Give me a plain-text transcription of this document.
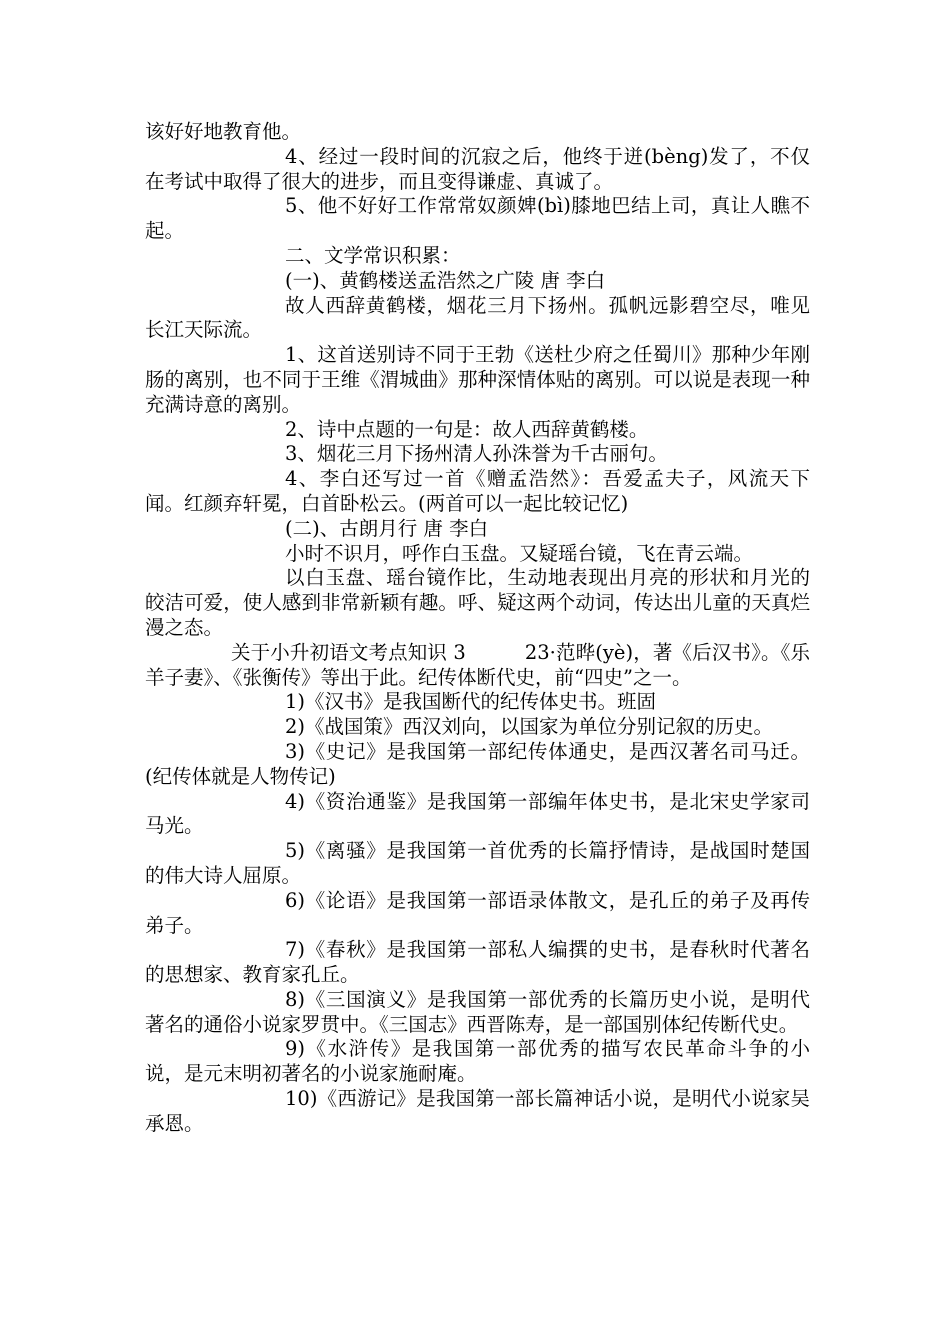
该好好地教育他。

4、经过一段时间的沉寂之后，他终于迸(bèng)发了，不仅在考试中取得了很大的进步，而且变得谦虚、真诚了。

5、他不好好工作常常奴颜婢(bì)膝地巴结上司，真让人瞧不起。

二、文学常识积累：

(一)、黄鹤楼送孟浩然之广陵 唐 李白

故人西辞黄鹤楼，烟花三月下扬州。孤帆远影碧空尽，唯见长江天际流。

1、这首送别诗不同于王勃《送杜少府之任蜀川》那种少年刚肠的离别，也不同于王维《渭城曲》那种深情体贴的离别。可以说是表现一种充满诗意的离别。

2、诗中点题的一句是：故人西辞黄鹤楼。

3、烟花三月下扬州清人孙洙誉为千古丽句。

4、李白还写过一首《赠孟浩然》：吾爱孟夫子，风流天下闻。红颜弃轩冕，白首卧松云。(两首可以一起比较记忆)

(二)、古朗月行 唐 李白

小时不识月，呼作白玉盘。又疑瑶台镜，飞在青云端。

以白玉盘、瑶台镜作比，生动地表现出月亮的形状和月光的皎洁可爱，使人感到非常新颖有趣。呼、疑这两个动词，传达出儿童的天真烂漫之态。

关于小升初语文考点知识 3　　　23·范晔(yè)，著《后汉书》。《乐羊子妻》、《张衡传》等出于此。纪传体断代史，前“四史”之一。

1)《汉书》是我国断代的纪传体史书。班固

2)《战国策》西汉刘向，以国家为单位分别记叙的历史。

3)《史记》是我国第一部纪传体通史，是西汉著名司马迁。(纪传体就是人物传记)

4)《资治通鉴》是我国第一部编年体史书，是北宋史学家司马光。

5)《离骚》是我国第一首优秀的长篇抒情诗，是战国时楚国的伟大诗人屈原。

6)《论语》是我国第一部语录体散文，是孔丘的弟子及再传弟子。

7)《春秋》是我国第一部私人编撰的史书，是春秋时代著名的思想家、教育家孔丘。

8)《三国演义》是我国第一部优秀的长篇历史小说，是明代著名的通俗小说家罗贯中。《三国志》西晋陈寿，是一部国别体纪传断代史。

9)《水浒传》是我国第一部优秀的描写农民革命斗争的小说，是元末明初著名的小说家施耐庵。

10)《西游记》是我国第一部长篇神话小说，是明代小说家吴承恩。
